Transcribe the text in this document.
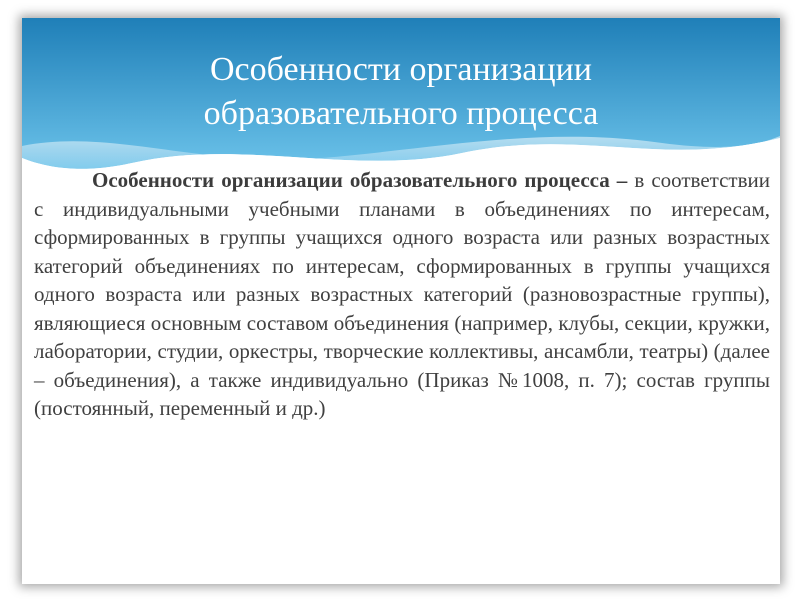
Особенности организации
образовательного процесса
Особенности организации образовательного процесса – в соответствии с индивидуальными учебными планами в объединениях по интересам, сформированных в группы учащихся одного возраста или разных возрастных категорий объединениях по интересам, сформированных в группы учащихся одного возраста или разных возрастных категорий (разновозрастные группы), являющиеся основным составом объединения (например, клубы, секции, кружки, лаборатории, студии, оркестры, творческие коллективы, ансамбли, театры) (далее – объединения), а также индивидуально (Приказ №1008, п. 7); состав группы (постоянный, переменный и др.)
